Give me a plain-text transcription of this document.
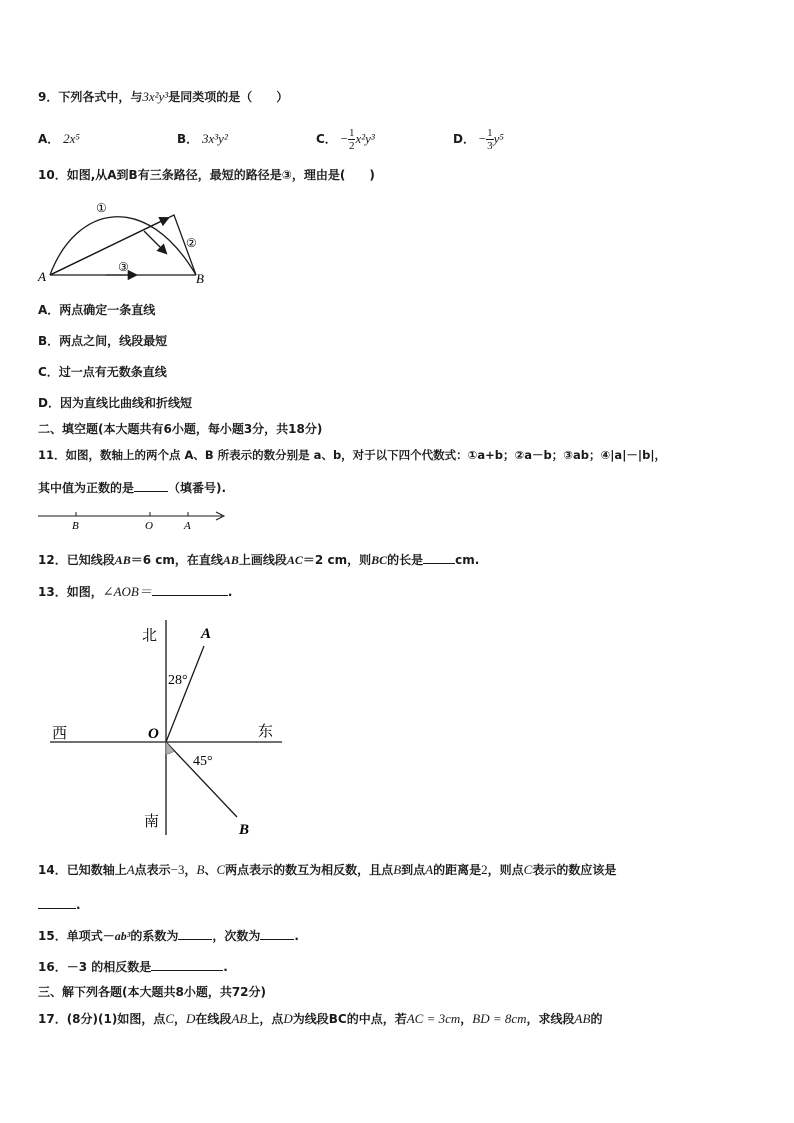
9．下列各式中，与3x²y³是同类项的是（　　）
A． 2x⁵	B． 3x³y²	C． − $\frac{1}{2} x^2y^3$	D． − $\frac{1}{3} y^5$
10．如图,从A到B有三条路径，最短的路径是③，理由是(　　)
A	B
①
②
③
A．两点确定一条直线
B．两点之间，线段最短
C．过一点有无数条直线
D．因为直线比曲线和折线短
二、填空题(本大题共有6小题，每小题3分，共18分)
11．如图，数轴上的两个点 A、B 所表示的数分别是 a、b，对于以下四个代数式：①a+b；②a－b；③ab；④|a|－|b|，
其中值为正数的是	（填番号).
B	O	A
12．已知线段AB＝6 cm，在直线AB上画线段AC＝2 cm，则BC的长是	cm.
13．如图，∠AOB＝	.
北
南
西	东
O
A
B
28°
45°
14．已知数轴上A点表示−3，B、C两点表示的数互为相反数，且点B到点A的距离是2，则点C表示的数应该是
.
15．单项式－ab³的系数为	，次数为	.
16．－3 的相反数是	.
三、解下列各题(本大题共8小题，共72分)
17．(8分)(1)如图，点C，D在线段AB上，点D为线段BC的中点，若AC = 3cm，BD = 8cm，求线段AB的
